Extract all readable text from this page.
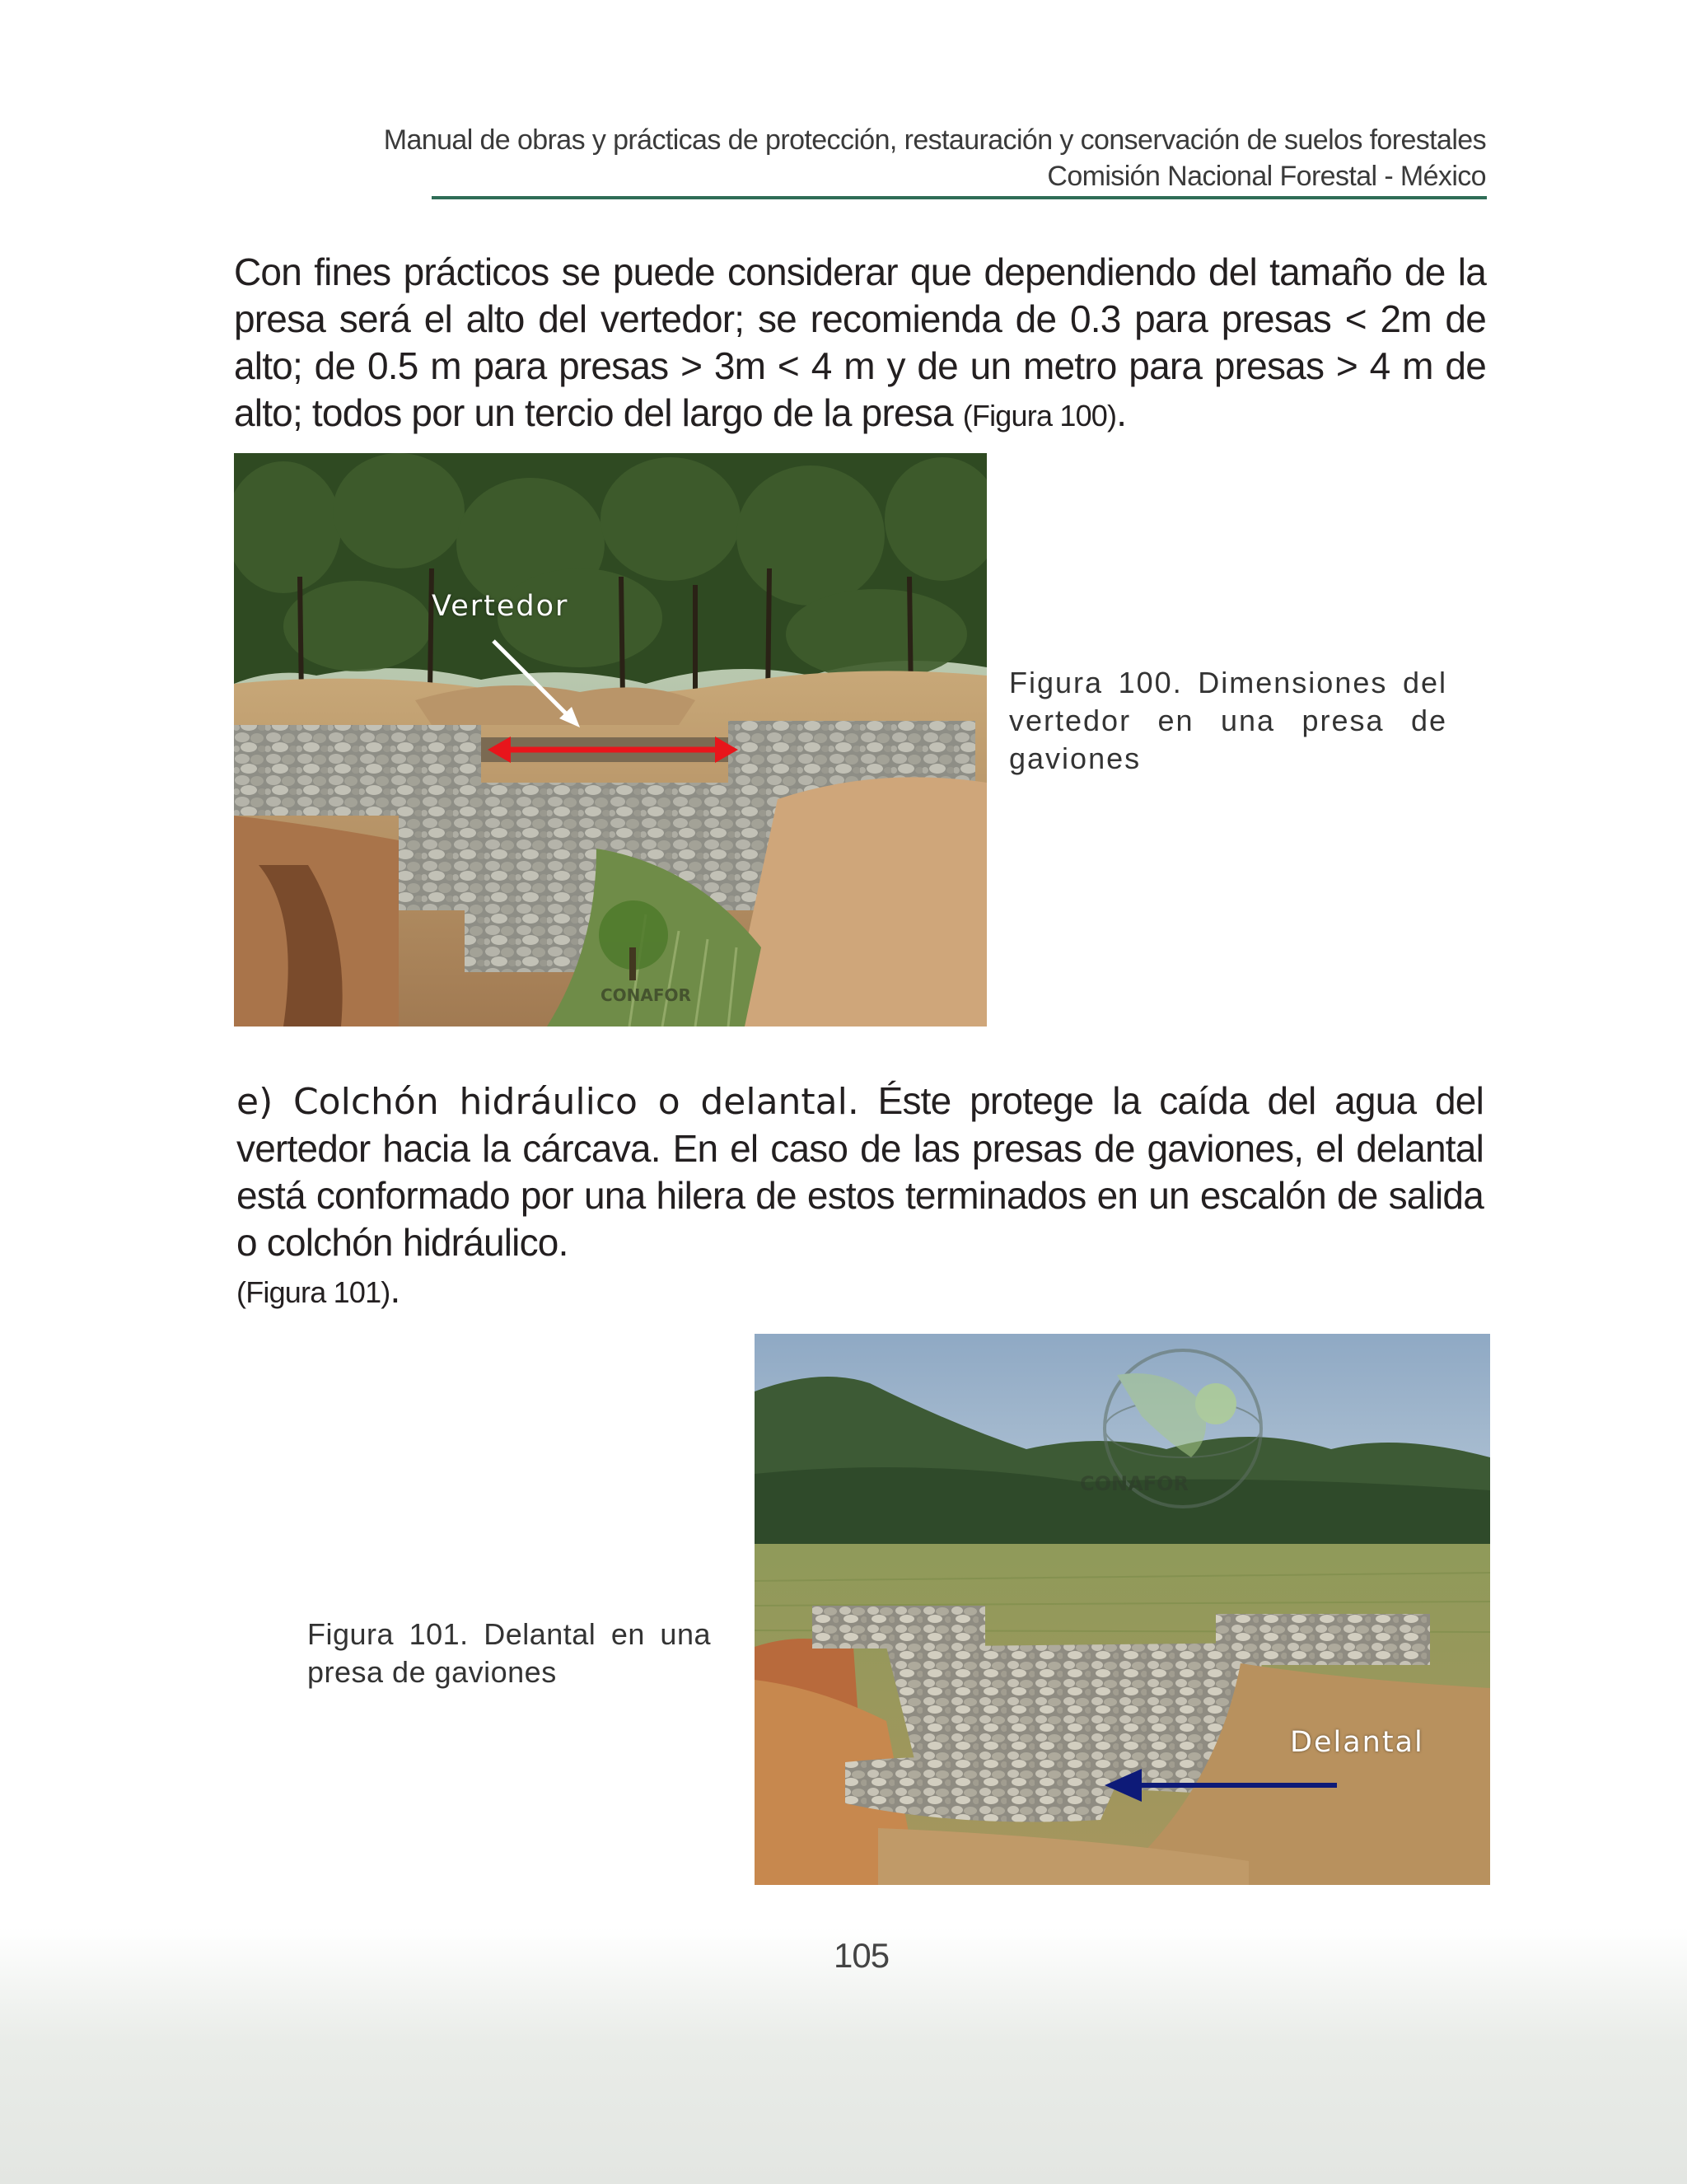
Manual de obras y prácticas de protección, restauración y conservación de suelos forestales
Comisión Nacional Forestal - México

Con fines prácticos se puede considerar que dependiendo del tamaño de la presa será el alto del vertedor; se recomienda de 0.3 para presas < 2m de alto; de 0.5 m para presas > 3m < 4 m y de un metro para presas > 4 m de alto; todos por un tercio del largo de la presa (Figura 100).

CONAFOR
Vertedor
Figura 100. Dimensiones del vertedor en una presa de gaviones

e) Colchón hidráulico o delantal. Éste protege la caída del agua del vertedor hacia la cárcava. En el caso de las presas de gaviones, el delantal está conformado por una hilera de estos terminados en un escalón de salida o colchón hidráulico.
(Figura 101).

Figura 101. Delantal en una presa de gaviones
CONAFOR
Delantal
105
